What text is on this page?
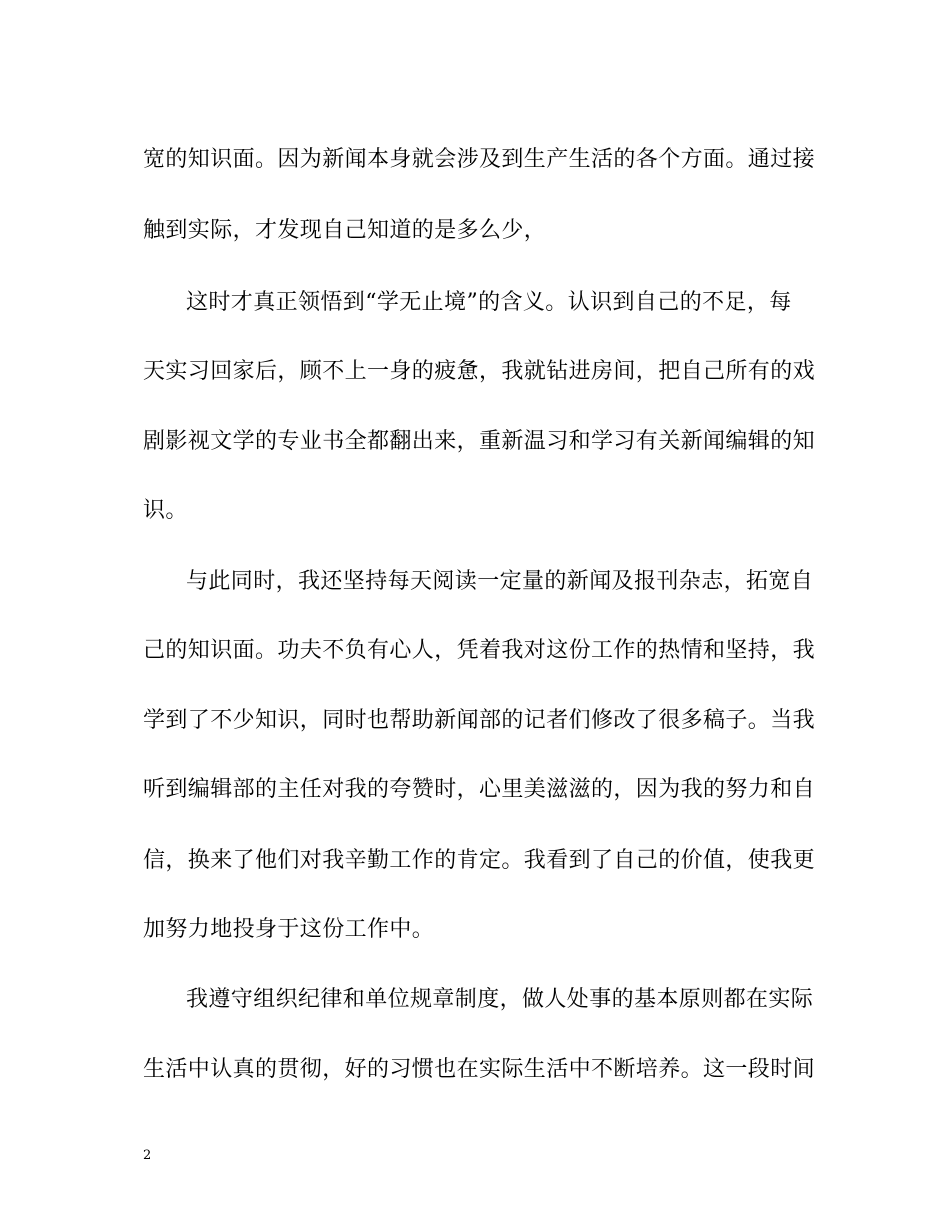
宽的知识面。因为新闻本身就会涉及到生产生活的各个方面。通过接
触到实际，才发现自己知道的是多么少，
这时才真正领悟到“学无止境”的含义。认识到自己的不足，每
天实习回家后，顾不上一身的疲惫，我就钻进房间，把自己所有的戏
剧影视文学的专业书全都翻出来，重新温习和学习有关新闻编辑的知
识。
与此同时，我还坚持每天阅读一定量的新闻及报刊杂志，拓宽自
己的知识面。功夫不负有心人，凭着我对这份工作的热情和坚持，我
学到了不少知识，同时也帮助新闻部的记者们修改了很多稿子。当我
听到编辑部的主任对我的夸赞时，心里美滋滋的，因为我的努力和自
信，换来了他们对我辛勤工作的肯定。我看到了自己的价值，使我更
加努力地投身于这份工作中。
我遵守组织纪律和单位规章制度，做人处事的基本原则都在实际
生活中认真的贯彻，好的习惯也在实际生活中不断培养。这一段时间
2
